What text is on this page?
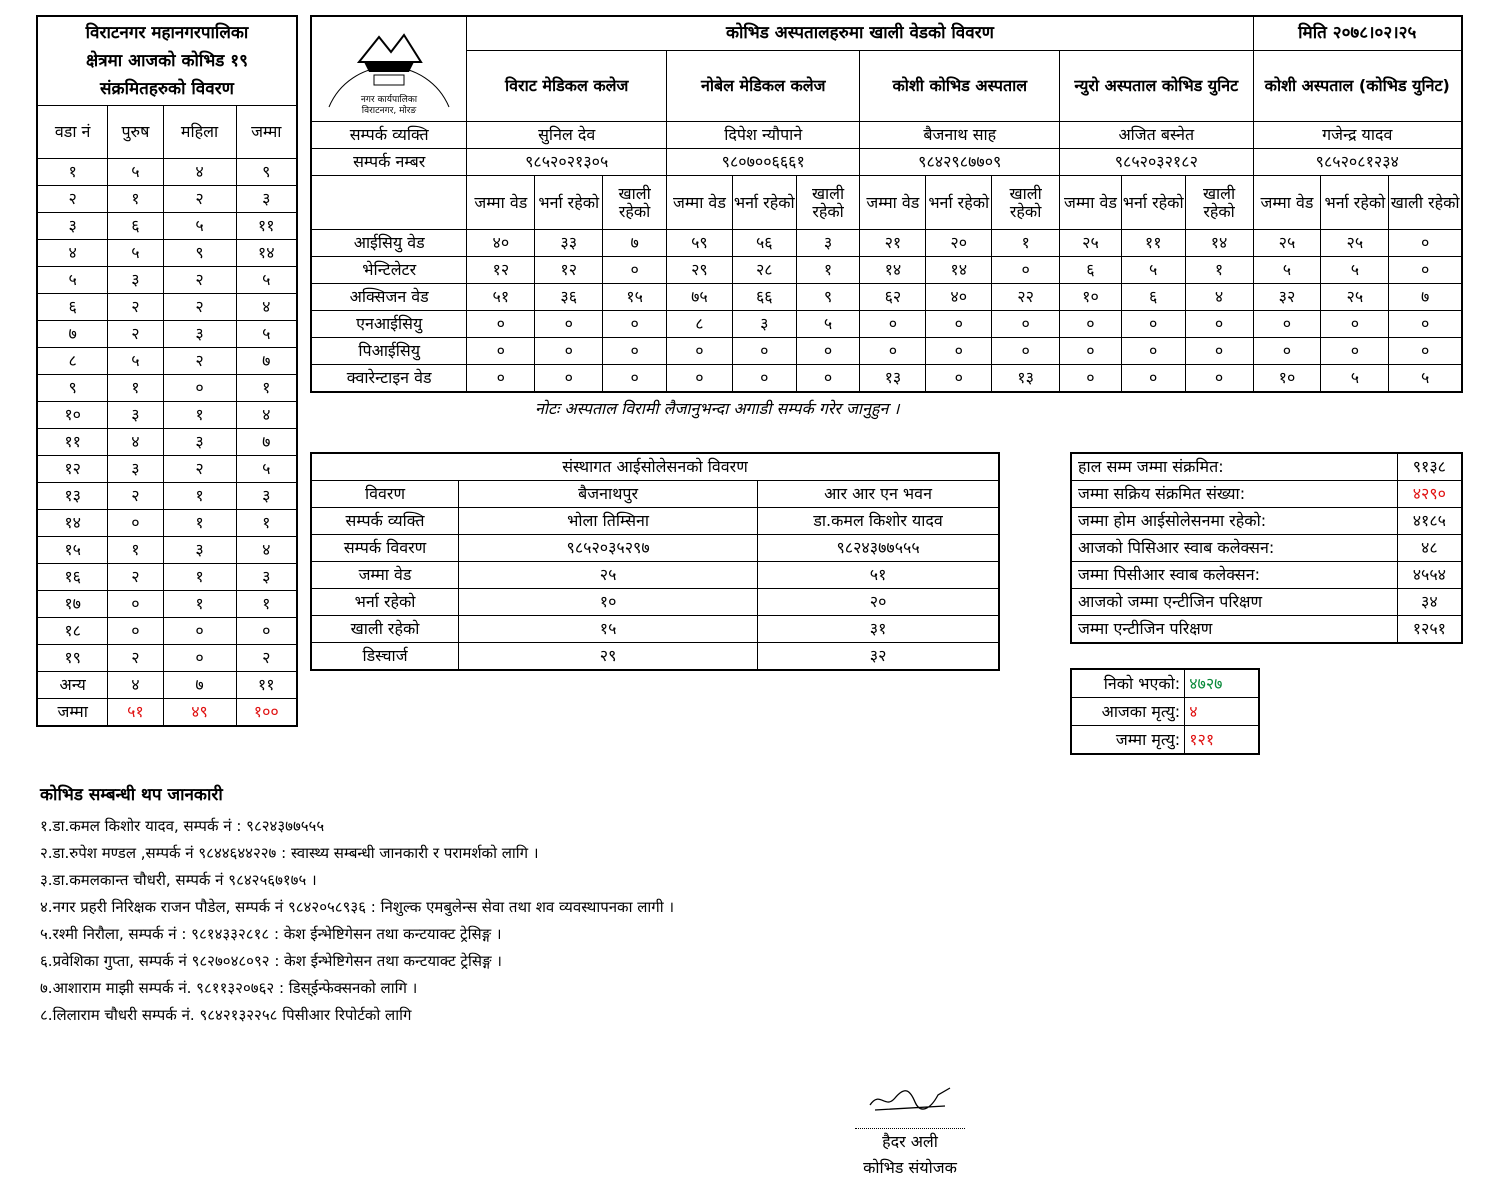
विराटनगर महानगरपालिका
क्षेत्रमा आजको कोभिड १९
संक्रमितहरुको विवरण			

वडा नं	पुरुष	महिला	जम्मा
१	५	४	९
२	१	२	३
३	६	५	११
४	५	९	१४
५	३	२	५
६	२	२	४
७	२	३	५
८	५	२	७
९	१	०	१
१०	३	१	४
११	४	३	७
१२	३	२	५
१३	२	१	३
१४	०	१	१
१५	१	३	४
१६	२	१	३
१७	०	१	१
१८	०	०	०
१९	२	०	२
अन्य	४	७	११
जम्मा	५१	४९	१००
नगर कार्यपालिका
विराटनगर, मोरङ	कोभिड अस्पतालहरुमा खाली वेडको विवरण												मिति २०७८।०२।२५		
	विराट मेडिकल कलेज			नोबेल मेडिकल कलेज			कोशी कोभिड अस्पताल			न्युरो अस्पताल कोभिड युनिट			कोशी अस्पताल (कोभिड युनिट)		
सम्पर्क व्यक्ति	सुनिल देव			दिपेश न्यौपाने			बैजनाथ साह			अजित बस्नेत			गजेन्द्र यादव		
सम्पर्क नम्बर	९८५२०२१३०५			९८०७००६६६१			९८४२९८७७०९			९८५२०३२१८२			९८५२०८१२३४		
	जम्मा वेड	भर्ना रहेको	खाली रहेको	जम्मा वेड	भर्ना रहेको	खाली रहेको	जम्मा वेड	भर्ना रहेको	खाली रहेको	जम्मा वेड	भर्ना रहेको	खाली रहेको	जम्मा वेड	भर्ना रहेको	खाली रहेको
आईसियु वेड	४०	३३	७	५९	५६	३	२१	२०	१	२५	११	१४	२५	२५	०
भेन्टिलेटर	१२	१२	०	२९	२८	१	१४	१४	०	६	५	१	५	५	०
अक्सिजन वेड	५१	३६	१५	७५	६६	९	६२	४०	२२	१०	६	४	३२	२५	७
एनआईसियु	०	०	०	८	३	५	०	०	०	०	०	०	०	०	०
पिआईसियु	०	०	०	०	०	०	०	०	०	०	०	०	०	०	०
क्वारेन्टाइन वेड	०	०	०	०	०	०	१३	०	१३	०	०	०	१०	५	५
नोटः अस्पताल विरामी लैजानुभन्दा अगाडी सम्पर्क गरेर जानुहुन ।
संस्थागत आईसोलेसनको विवरण		
विवरण	बैजनाथपुर	आर आर एन भवन
सम्पर्क व्यक्ति	भोला तिम्सिना	डा.कमल किशोर यादव
सम्पर्क विवरण	९८५२०३५२९७	९८२४३७७५५५
जम्मा वेड	२५	५१
भर्ना रहेको	१०	२०
खाली रहेको	१५	३१
डिस्चार्ज	२९	३२
हाल सम्म जम्मा संक्रमित:	९१३८
जम्मा सक्रिय संक्रमित संख्या:	४२९०
जम्मा होम आईसोलेसनमा रहेको:	४१८५
आजको पिसिआर स्वाब कलेक्सन:	४८
जम्मा पिसीआर स्वाब कलेक्सन:	४५५४
आजको जम्मा एन्टीजिन परिक्षण	३४
जम्मा एन्टीजिन परिक्षण	१२५१
निको भएको:	४७२७
आजका मृत्यु:	४
जम्मा मृत्यु:	१२१
कोभिड सम्बन्धी थप जानकारी
१.डा.कमल किशोर यादव, सम्पर्क नं : ९८२४३७७५५५
२.डा.रुपेश मण्डल ,सम्पर्क नं ९८४४६४४२२७ : स्वास्थ्य सम्बन्धी जानकारी र परामर्शको लागि ।
३.डा.कमलकान्त चौधरी, सम्पर्क नं ९८४२५६७१७५ ।
४.नगर प्रहरी निरिक्षक राजन पौडेल, सम्पर्क नं ९८४२०५८९३६ : निशुल्क एमबुलेन्स सेवा तथा शव व्यवस्थापनका लागी ।
५.रश्मी निरौला, सम्पर्क नं : ९८१४३३२८१८ : केश ईन्भेष्टिगेसन तथा कन्टयाक्ट ट्रेसिङ्ग ।
६.प्रवेशिका गुप्ता, सम्पर्क नं ९८२७०४८०९२ : केश ईन्भेष्टिगेसन तथा कन्टयाक्ट ट्रेसिङ्ग ।
७.आशाराम माझी सम्पर्क नं. ९८११३२०७६२ : डिस्ईन्फेक्सनको लागि ।
८.लिलाराम चौधरी सम्पर्क नं. ९८४२१३२२५८ पिसीआर रिपोर्टको लागि
हैदर अली
कोभिड संयोजक
